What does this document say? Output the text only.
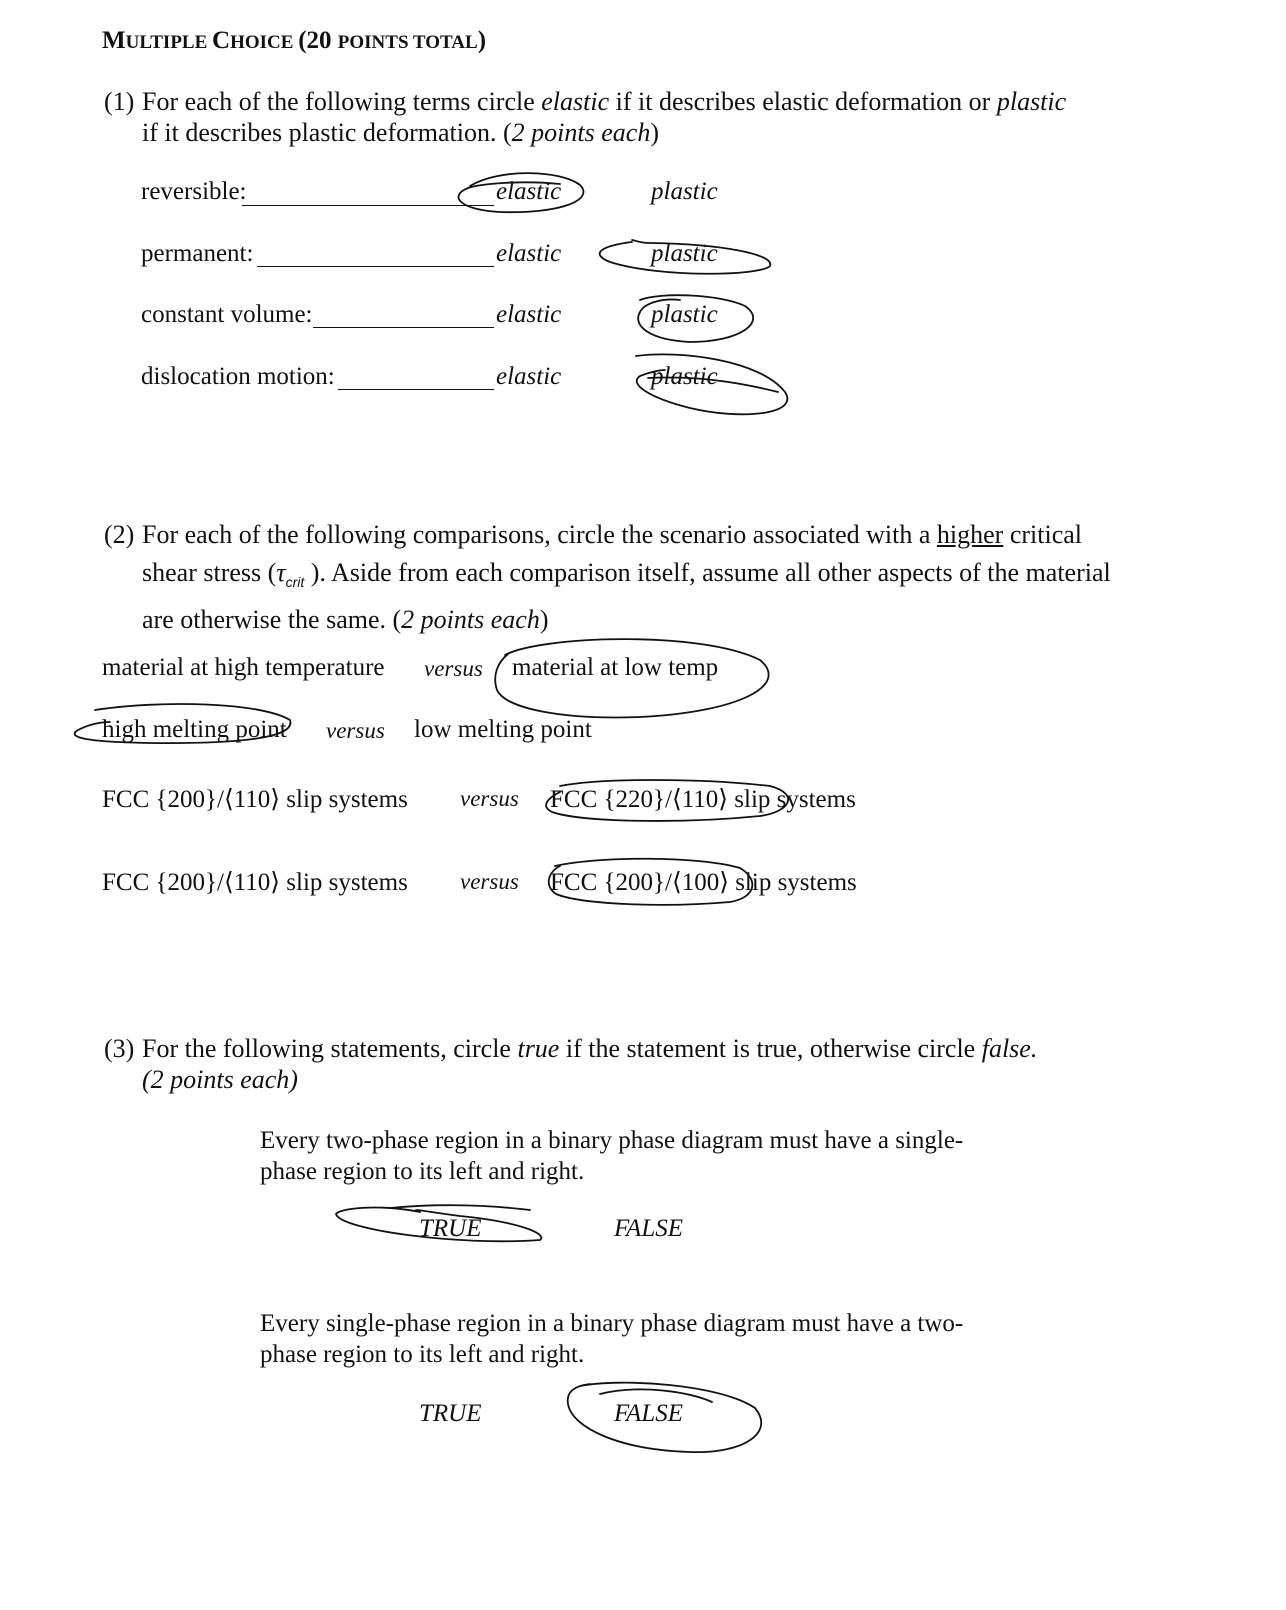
MULTIPLE CHOICE (20 POINTS TOTAL)
(1) For each of the following terms circle elastic if it describes elastic deformation or plastic if it describes plastic deformation. (2 points each)
reversible:	elastic	plastic
permanent:	elastic	plastic
constant volume:	elastic	plastic
dislocation motion:	elastic	plastic
(2) For each of the following comparisons, circle the scenario associated with a higher critical shear stress ($\tau_{crit}$ ). Aside from each comparison itself, assume all other aspects of the material are otherwise the same. (2 points each)
material at high temperature versus material at low temp
high melting point versus low melting point
FCC {200}/⟨110⟩ slip systems versus FCC {220}/⟨110⟩ slip systems
FCC {200}/⟨110⟩ slip systems versus FCC {200}/⟨100⟩ slip systems
(3) For the following statements, circle true if the statement is true, otherwise circle false.
(2 points each)
Every two-phase region in a binary phase diagram must have a single-phase region to its left and right.
TRUE	FALSE
Every single-phase region in a binary phase diagram must have a two-phase region to its left and right.
TRUE	FALSE
